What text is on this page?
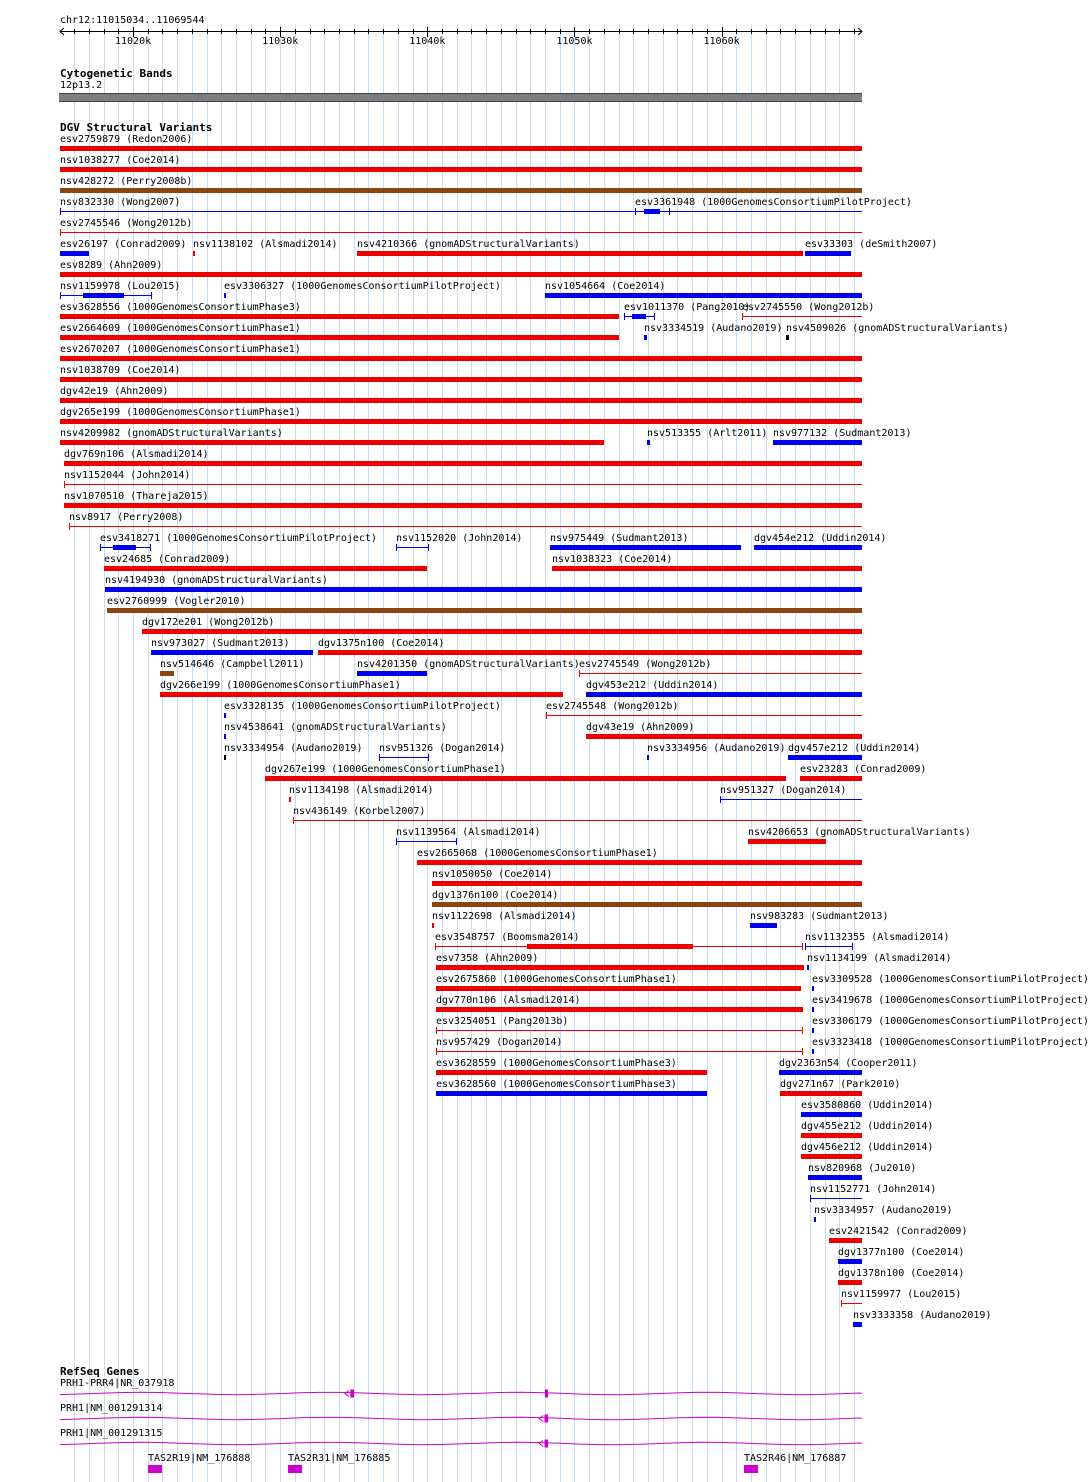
11020k	11030k	11040k	11050k	11060k
chr12:11015034..11069544
Cytogenetic Bands
12p13.2
DGV Structural Variants
RefSeq Genes
esv2759879 (Redon2006)
nsv1038277 (Coe2014)
nsv428272 (Perry2008b)
nsv832330 (Wong2007)	esv3361948 (1000GenomesConsortiumPilotProject)
esv2745546 (Wong2012b)
esv26197 (Conrad2009) nsv1138102 (Alsmadi2014) nsv4210366 (gnomADStructuralVariants)	esv33303 (deSmith2007)
esv8289 (Ahn2009)
nsv1159978 (Lou2015)	esv3306327 (1000GenomesConsortiumPilotProject)	nsv1054664 (Coe2014)
esv3628556 (1000GenomesConsortiumPhase3)	esv1011370 (Pang2010)
esv2745550 (Wong2012b)
esv2664609 (1000GenomesConsortiumPhase1)	nsv3334519 (Audano2019) nsv4509026 (gnomADStructuralVariants)
esv2670207 (1000GenomesConsortiumPhase1)
nsv1038709 (Coe2014)
dgv42e19 (Ahn2009)
dgv265e199 (1000GenomesConsortiumPhase1)
nsv4209982 (gnomADStructuralVariants)	nsv513355 (Arlt2011) nsv977132 (Sudmant2013)
dgv769n106 (Alsmadi2014)
nsv1152044 (John2014)
nsv1070510 (Thareja2015)
nsv8917 (Perry2008)
esv3418271 (1000GenomesConsortiumPilotProject) nsv1152020 (John2014)	nsv975449 (Sudmant2013)	dgv454e212 (Uddin2014)
esv24685 (Conrad2009)	nsv1038323 (Coe2014)
nsv4194930 (gnomADStructuralVariants)
esv2760999 (Vogler2010)
dgv172e201 (Wong2012b)
nsv973027 (Sudmant2013)	dgv1375n100 (Coe2014)
nsv514646 (Campbell2011)	nsv4201350 (gnomADStructuralVariants) esv2745549 (Wong2012b)
dgv266e199 (1000GenomesConsortiumPhase1)	dgv453e212 (Uddin2014)
esv3328135 (1000GenomesConsortiumPilotProject)	esv2745548 (Wong2012b)
nsv4538641 (gnomADStructuralVariants)	dgv43e19 (Ahn2009)
nsv3334954 (Audano2019) nsv951326 (Dogan2014)	nsv3334956 (Audano2019) dgv457e212 (Uddin2014)
dgv267e199 (1000GenomesConsortiumPhase1)	esv23283 (Conrad2009)
nsv1134198 (Alsmadi2014)	nsv951327 (Dogan2014)
nsv436149 (Korbel2007)
nsv1139564 (Alsmadi2014)	nsv4206653 (gnomADStructuralVariants)
esv2665068 (1000GenomesConsortiumPhase1)
nsv1050050 (Coe2014)
dgv1376n100 (Coe2014)
nsv1122698 (Alsmadi2014)	nsv983283 (Sudmant2013)
esv3548757 (Boomsma2014)	nsv1132355 (Alsmadi2014)
esv7358 (Ahn2009)	nsv1134199 (Alsmadi2014)
esv2675860 (1000GenomesConsortiumPhase1)	esv3309528 (1000GenomesConsortiumPilotProject)
dgv770n106 (Alsmadi2014)	esv3419678 (1000GenomesConsortiumPilotProject)
esv3254051 (Pang2013b)	esv3306179 (1000GenomesConsortiumPilotProject)
nsv957429 (Dogan2014)	esv3323418 (1000GenomesConsortiumPilotProject)
esv3628559 (1000GenomesConsortiumPhase3)	dgv2363n54 (Cooper2011)
esv3628560 (1000GenomesConsortiumPhase3)	dgv271n67 (Park2010)
esv3580860 (Uddin2014)
dgv455e212 (Uddin2014)
dgv456e212 (Uddin2014)
nsv820968 (Ju2010)
nsv1152771 (John2014)
nsv3334957 (Audano2019)
esv2421542 (Conrad2009)
dgv1377n100 (Coe2014)
dgv1378n100 (Coe2014)
nsv1159977 (Lou2015)
nsv3333358 (Audano2019)
PRH1-PRR4|NR_037918
PRH1|NM_001291314
PRH1|NM_001291315
TAS2R19|NM_176888	TAS2R31|NM_176885	TAS2R46|NM_176887
